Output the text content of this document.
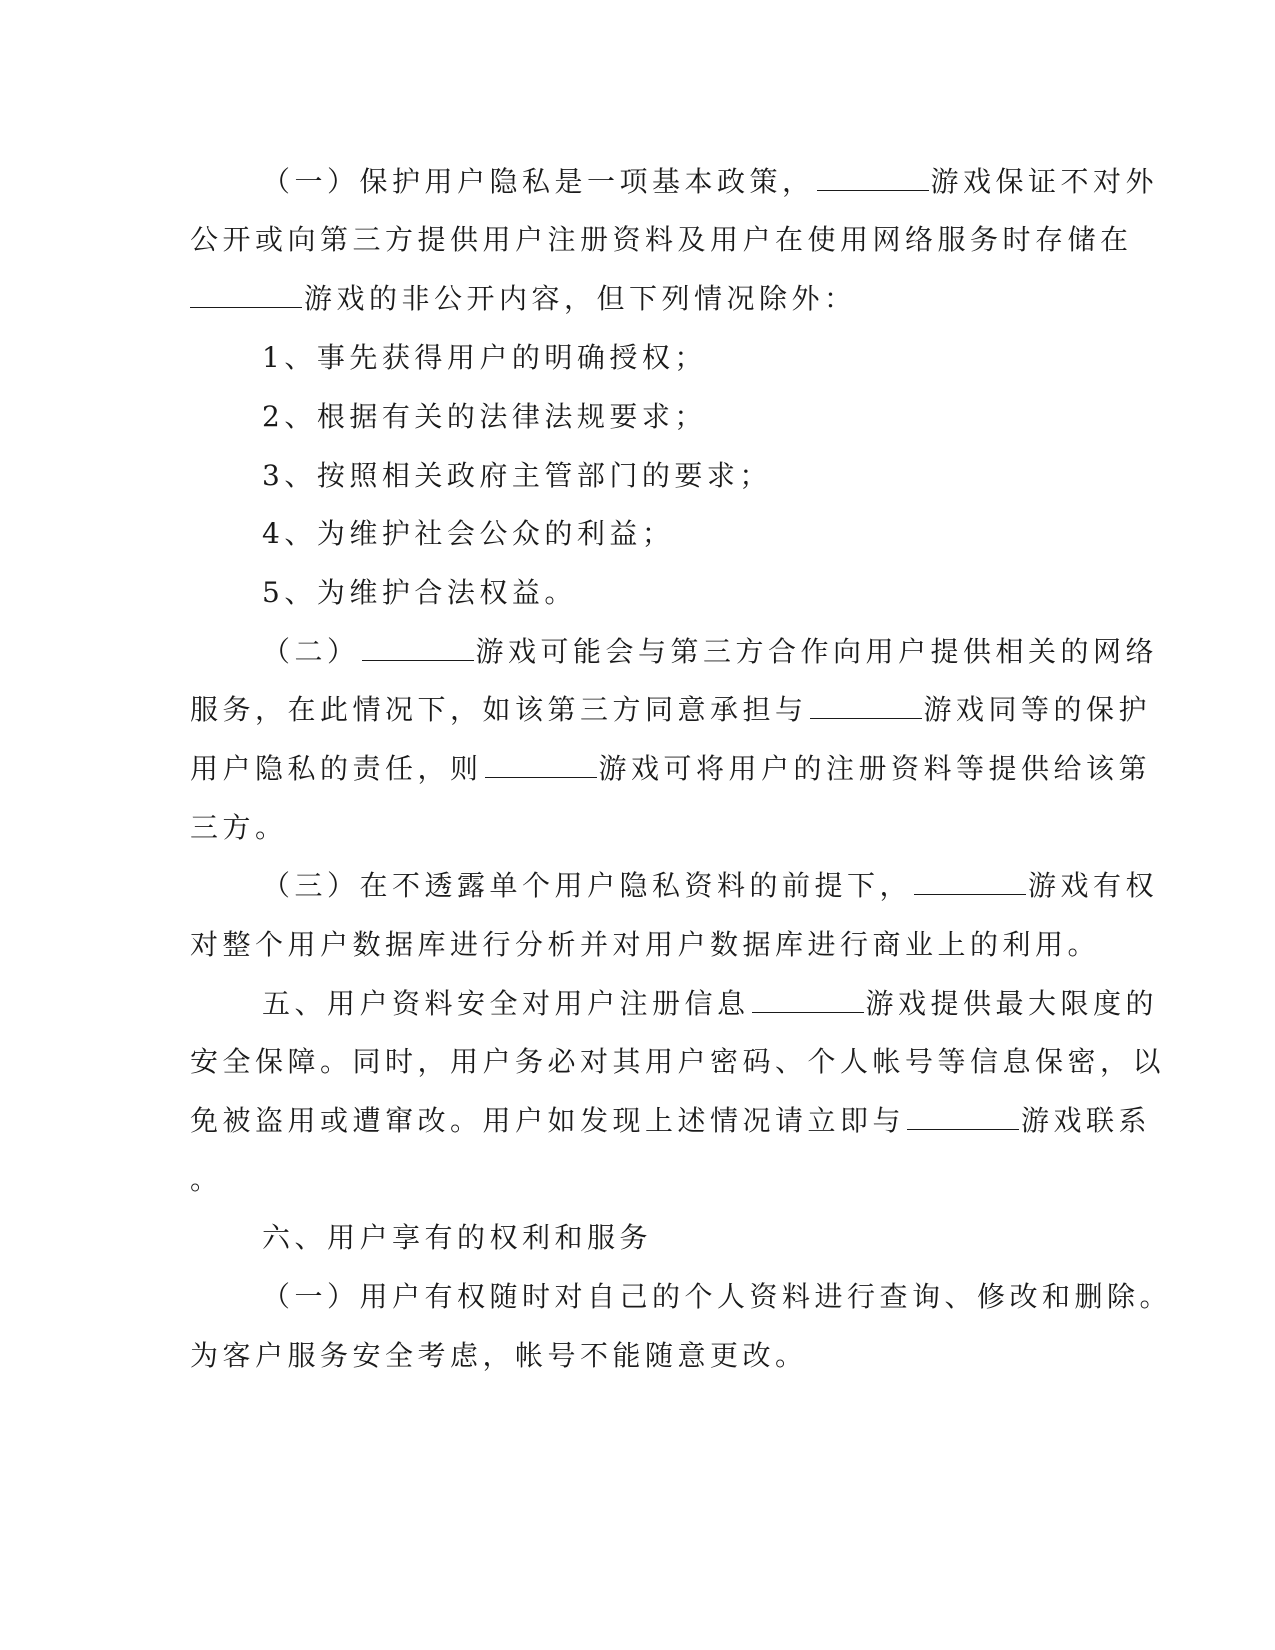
（一）保护用户隐私是一项基本政策，	游戏保证不对外
公开或向第三方提供用户注册资料及用户在使用网络服务时存储在
游戏的非公开内容，但下列情况除外：
1、事先获得用户的明确授权；
2、根据有关的法律法规要求；
3、按照相关政府主管部门的要求；
4、为维护社会公众的利益；
5、为维护合法权益。
（二）	游戏可能会与第三方合作向用户提供相关的网络
服务，在此情况下，如该第三方同意承担与	游戏同等的保护
用户隐私的责任，则	游戏可将用户的注册资料等提供给该第
三方。
（三）在不透露单个用户隐私资料的前提下，	游戏有权
对整个用户数据库进行分析并对用户数据库进行商业上的利用。
五、用户资料安全对用户注册信息	游戏提供最大限度的
安全保障。同时，用户务必对其用户密码、个人帐号等信息保密，以
免被盗用或遭窜改。用户如发现上述情况请立即与	游戏联系
。
六、用户享有的权利和服务
（一）用户有权随时对自己的个人资料进行查询、修改和删除。
为客户服务安全考虑，帐号不能随意更改。
